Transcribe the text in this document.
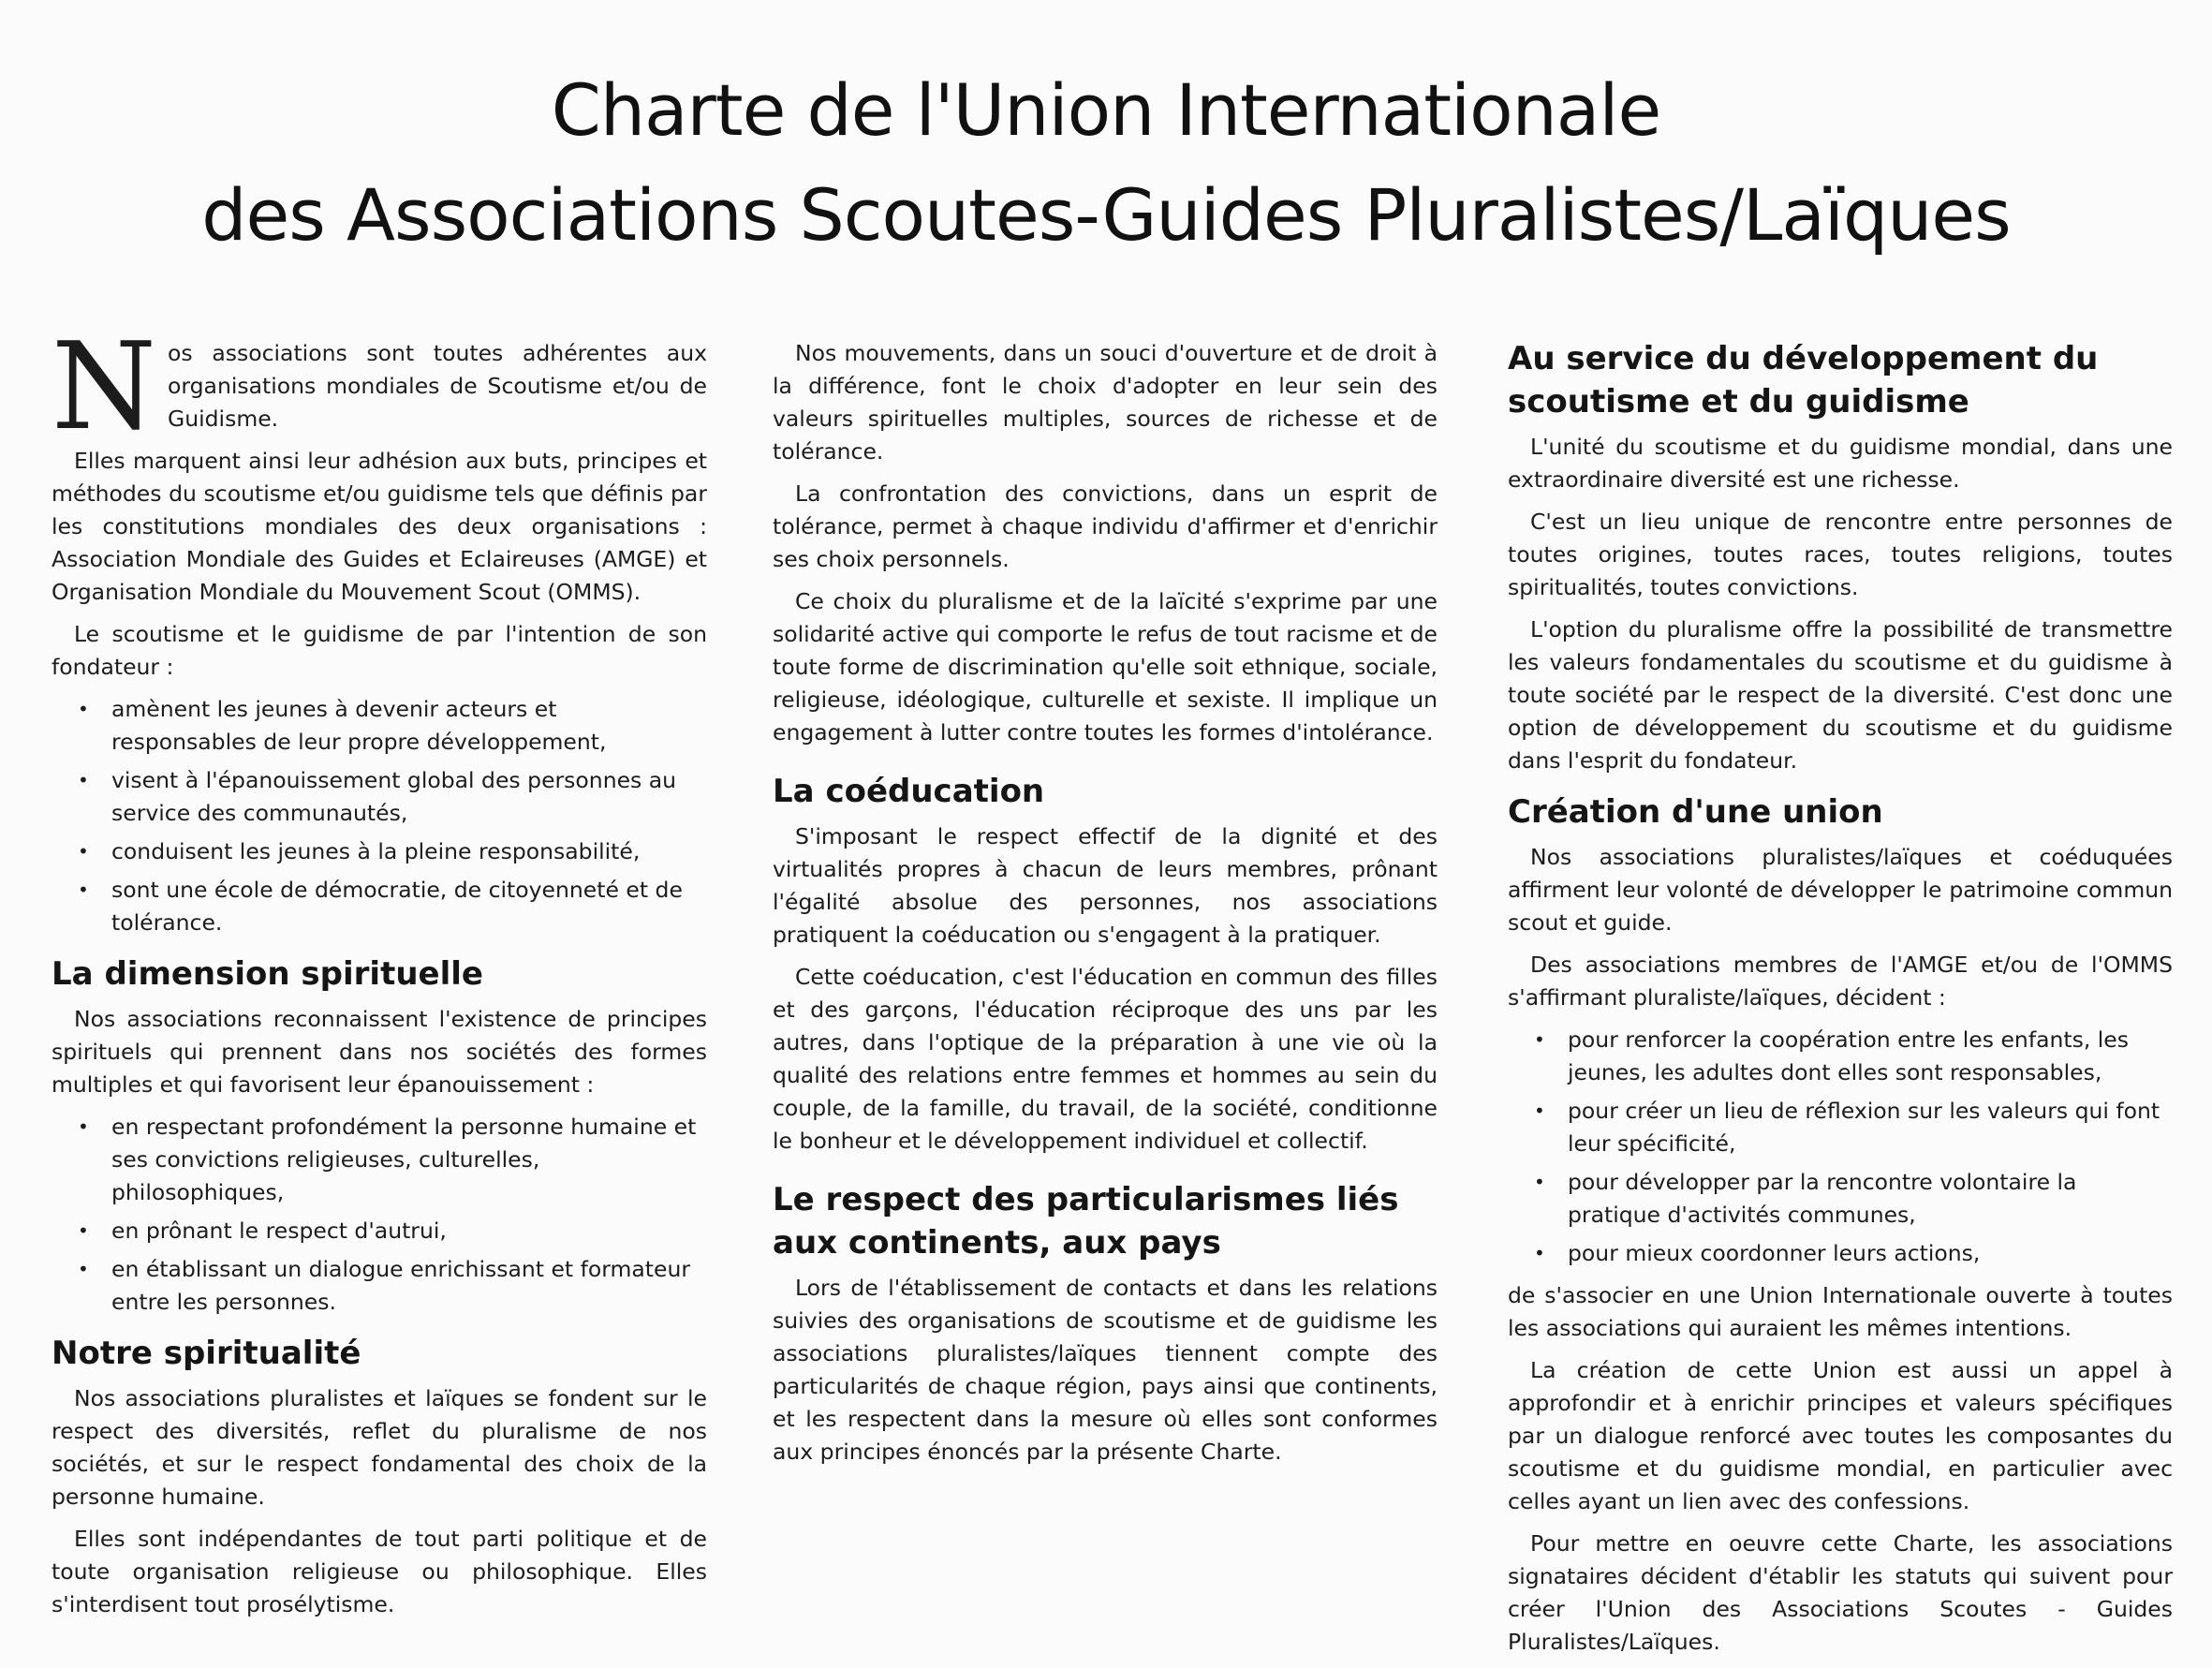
Charte de l'Union Internationale
des Associations Scoutes-Guides Pluralistes/Laïques

Nos associations sont toutes adhérentes aux organisations mondiales de Scoutisme et/ou de Guidisme.

Elles marquent ainsi leur adhésion aux buts, principes et méthodes du scoutisme et/ou guidisme tels que définis par les constitutions mondiales des deux organisations : Association Mondiale des Guides et Eclaireuses (AMGE) et Organisation Mondiale du Mouvement Scout (OMMS).

Le scoutisme et le guidisme de par l'intention de son fondateur :

• amènent les jeunes à devenir acteurs et responsables de leur propre développement,
• visent à l'épanouissement global des personnes au service des communautés,
• conduisent les jeunes à la pleine responsabilité,
• sont une école de démocratie, de citoyenneté et de tolérance.
La dimension spirituelle

Nos associations reconnaissent l'existence de principes spirituels qui prennent dans nos sociétés des formes multiples et qui favorisent leur épanouissement :

• en respectant profondément la personne humaine et ses convictions religieuses, culturelles, philosophiques,
• en prônant le respect d'autrui,
• en établissant un dialogue enrichissant et formateur entre les personnes.
Notre spiritualité

Nos associations pluralistes et laïques se fondent sur le respect des diversités, reflet du pluralisme de nos sociétés, et sur le respect fondamental des choix de la personne humaine.

Elles sont indépendantes de tout parti politique et de toute organisation religieuse ou philosophique. Elles s'interdisent tout prosélytisme.

Nos mouvements, dans un souci d'ouverture et de droit à la différence, font le choix d'adopter en leur sein des valeurs spirituelles multiples, sources de richesse et de tolérance.

La confrontation des convictions, dans un esprit de tolérance, permet à chaque individu d'affirmer et d'enrichir ses choix personnels.

Ce choix du pluralisme et de la laïcité s'exprime par une solidarité active qui comporte le refus de tout racisme et de toute forme de discrimination qu'elle soit ethnique, sociale, religieuse, idéologique, culturelle et sexiste. Il implique un engagement à lutter contre toutes les formes d'intolérance.

La coéducation

S'imposant le respect effectif de la dignité et des virtualités propres à chacun de leurs membres, prônant l'égalité absolue des personnes, nos associations pratiquent la coéducation ou s'engagent à la pratiquer.

Cette coéducation, c'est l'éducation en commun des filles et des garçons, l'éducation réciproque des uns par les autres, dans l'optique de la préparation à une vie où la qualité des relations entre femmes et hommes au sein du couple, de la famille, du travail, de la société, conditionne le bonheur et le développement individuel et collectif.

Le respect des particularismes liés aux continents, aux pays

Lors de l'établissement de contacts et dans les relations suivies des organisations de scoutisme et de guidisme les associations pluralistes/laïques tiennent compte des particularités de chaque région, pays ainsi que continents, et les respectent dans la mesure où elles sont conformes aux principes énoncés par la présente Charte.

Au service du développement du scoutisme et du guidisme

L'unité du scoutisme et du guidisme mondial, dans une extraordinaire diversité est une richesse.

C'est un lieu unique de rencontre entre personnes de toutes origines, toutes races, toutes religions, toutes spiritualités, toutes convictions.

L'option du pluralisme offre la possibilité de transmettre les valeurs fondamentales du scoutisme et du guidisme à toute société par le respect de la diversité. C'est donc une option de développement du scoutisme et du guidisme dans l'esprit du fondateur.

Création d'une union

Nos associations pluralistes/laïques et coéduquées affirment leur volonté de développer le patrimoine commun scout et guide.

Des associations membres de l'AMGE et/ou de l'OMMS s'affirmant pluraliste/laïques, décident :

• pour renforcer la coopération entre les enfants, les jeunes, les adultes dont elles sont responsables,
• pour créer un lieu de réflexion sur les valeurs qui font leur spécificité,
• pour développer par la rencontre volontaire la pratique d'activités communes,
• pour mieux coordonner leurs actions,

de s'associer en une Union Internationale ouverte à toutes les associations qui auraient les mêmes intentions.

La création de cette Union est aussi un appel à approfondir et à enrichir principes et valeurs spécifiques par un dialogue renforcé avec toutes les composantes du scoutisme et du guidisme mondial, en particulier avec celles ayant un lien avec des confessions.

Pour mettre en oeuvre cette Charte, les associations signataires décident d'établir les statuts qui suivent pour créer l'Union des Associations Scoutes - Guides Pluralistes/Laïques.
